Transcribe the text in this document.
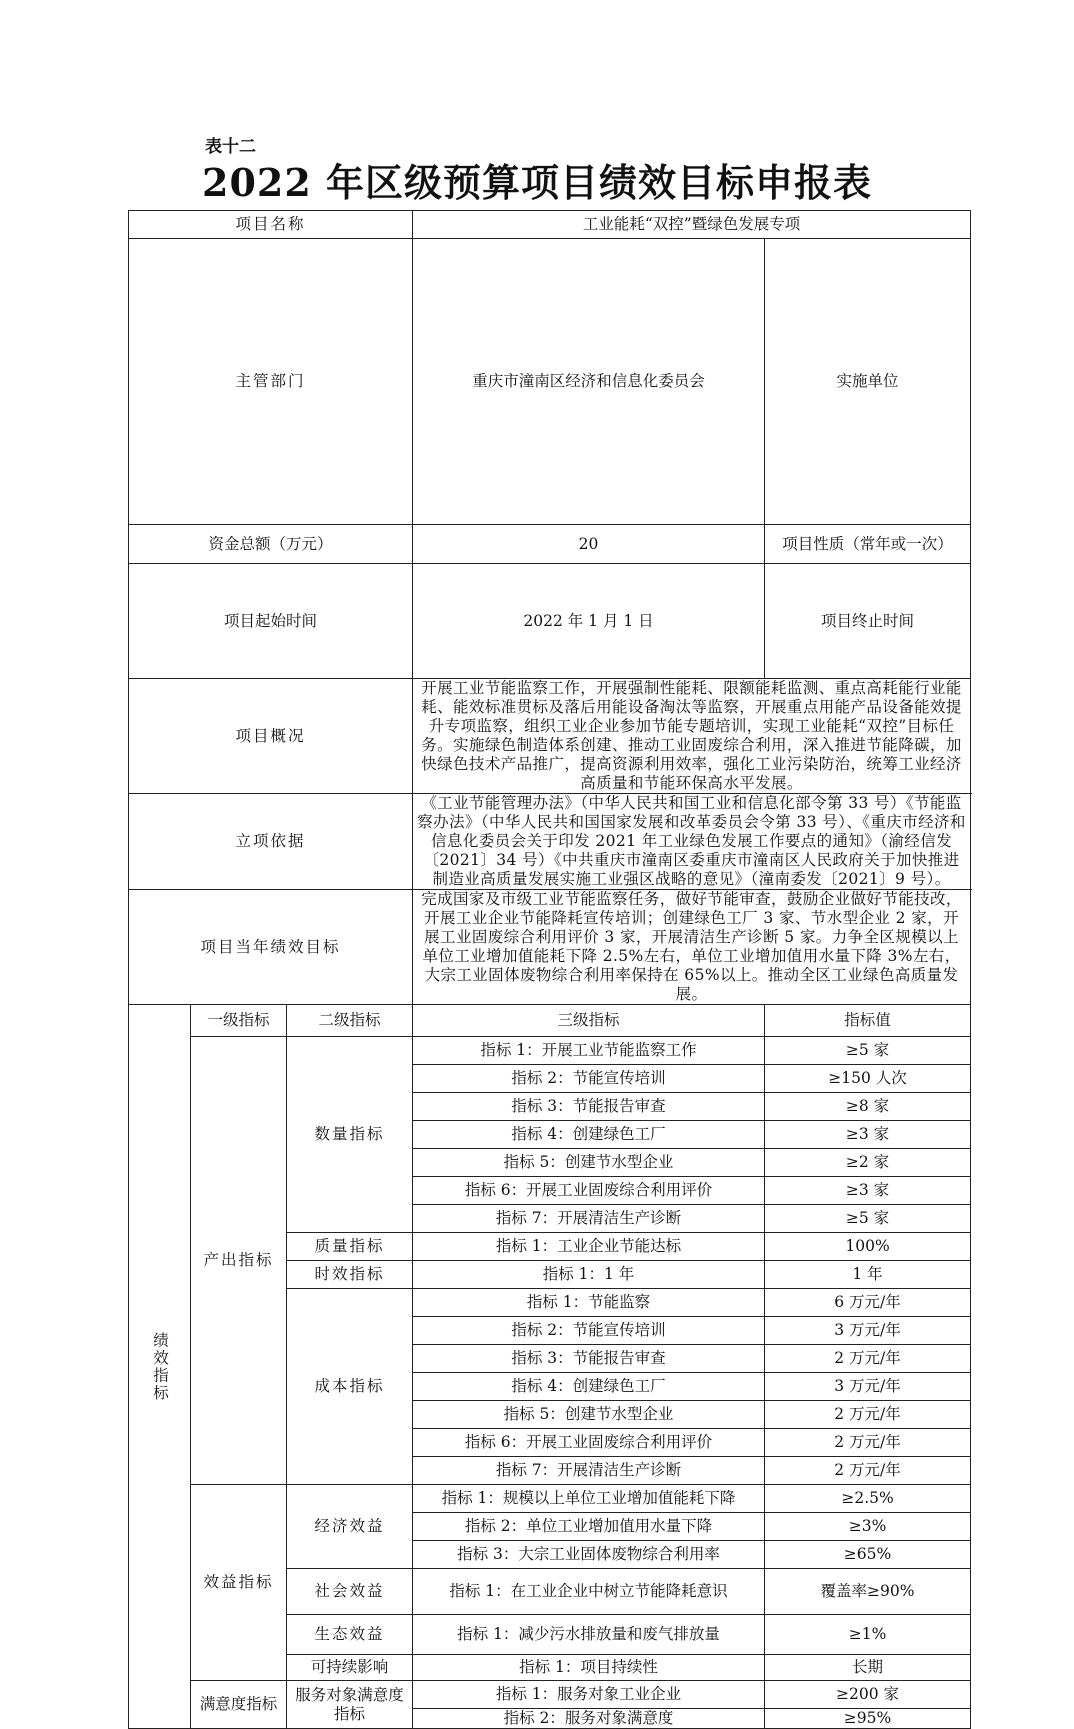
表十二
2022 年区级预算项目绩效目标申报表
项目名称			工业能耗“双控”暨绿色发展专项		
主管部门			重庆市潼南区经济和信息化委员会	实施单位	
资金总额（万元）			20	项目性质（常年或一次）	
项目起始时间			2022 年 1 月 1 日	项目终止时间	
项目概况			开展工业节能监察工作，开展强制性能耗、限额能耗监测、重点高耗能行业能耗、能效标准贯标及落后用能设备淘汰等监察，开展重点用能产品设备能效提升专项监察，组织工业企业参加节能专题培训，实现工业能耗“双控”目标任务。实施绿色制造体系创建、推动工业固废综合利用，深入推进节能降碳，加快绿色技术产品推广，提高资源利用效率，强化工业污染防治，统筹工业经济高质量和节能环保高水平发展。		
立项依据			《工业节能管理办法》（中华人民共和国工业和信息化部令第 33 号）《节能监察办法》（中华人民共和国国家发展和改革委员会令第 33 号）、《重庆市经济和信息化委员会关于印发 2021 年工业绿色发展工作要点的通知》（渝经信发〔2021〕34 号）《中共重庆市潼南区委重庆市潼南区人民政府关于加快推进制造业高质量发展实施工业强区战略的意见》（潼南委发〔2021〕9 号）。		
项目当年绩效目标			完成国家及市级工业节能监察任务，做好节能审查，鼓励企业做好节能技改，开展工业企业节能降耗宣传培训；创建绿色工厂 3 家、节水型企业 2 家，开展工业固废综合利用评价 3 家，开展清洁生产诊断 5 家。力争全区规模以上单位工业增加值能耗下降 2.5%左右，单位工业增加值用水量下降 3%左右，大宗工业固体废物综合利用率保持在 65%以上。推动全区工业绿色高质量发展。		
绩效指标	一级指标	二级指标	三级指标	指标值	
	产出指标	数量指标	指标 1：开展工业节能监察工作	≥5 家	
			指标 2：节能宣传培训	≥150 人次	
			指标 3：节能报告审查	≥8 家	
			指标 4：创建绿色工厂	≥3 家	
			指标 5：创建节水型企业	≥2 家	
			指标 6：开展工业固废综合利用评价	≥3 家	
			指标 7：开展清洁生产诊断	≥5 家	
		质量指标	指标 1：工业企业节能达标	100%	
		时效指标	指标 1：1 年	1 年	
		成本指标	指标 1：节能监察	6 万元/年	
			指标 2：节能宣传培训	3 万元/年	
			指标 3：节能报告审查	2 万元/年	
			指标 4：创建绿色工厂	3 万元/年	
			指标 5：创建节水型企业	2 万元/年	
			指标 6：开展工业固废综合利用评价	2 万元/年	
			指标 7：开展清洁生产诊断	2 万元/年	
	效益指标	经济效益	指标 1：规模以上单位工业增加值能耗下降	≥2.5%	
			指标 2：单位工业增加值用水量下降	≥3%	
			指标 3：大宗工业固体废物综合利用率	≥65%	
		社会效益	指标 1：在工业企业中树立节能降耗意识	覆盖率≥90%	
		生态效益	指标 1：减少污水排放量和废气排放量	≥1%	
		可持续影响	指标 1：项目持续性	长期	
	满意度指标	服务对象满意度指标	指标 1：服务对象工业企业	≥200 家	
			指标 2：服务对象满意度	≥95%	
